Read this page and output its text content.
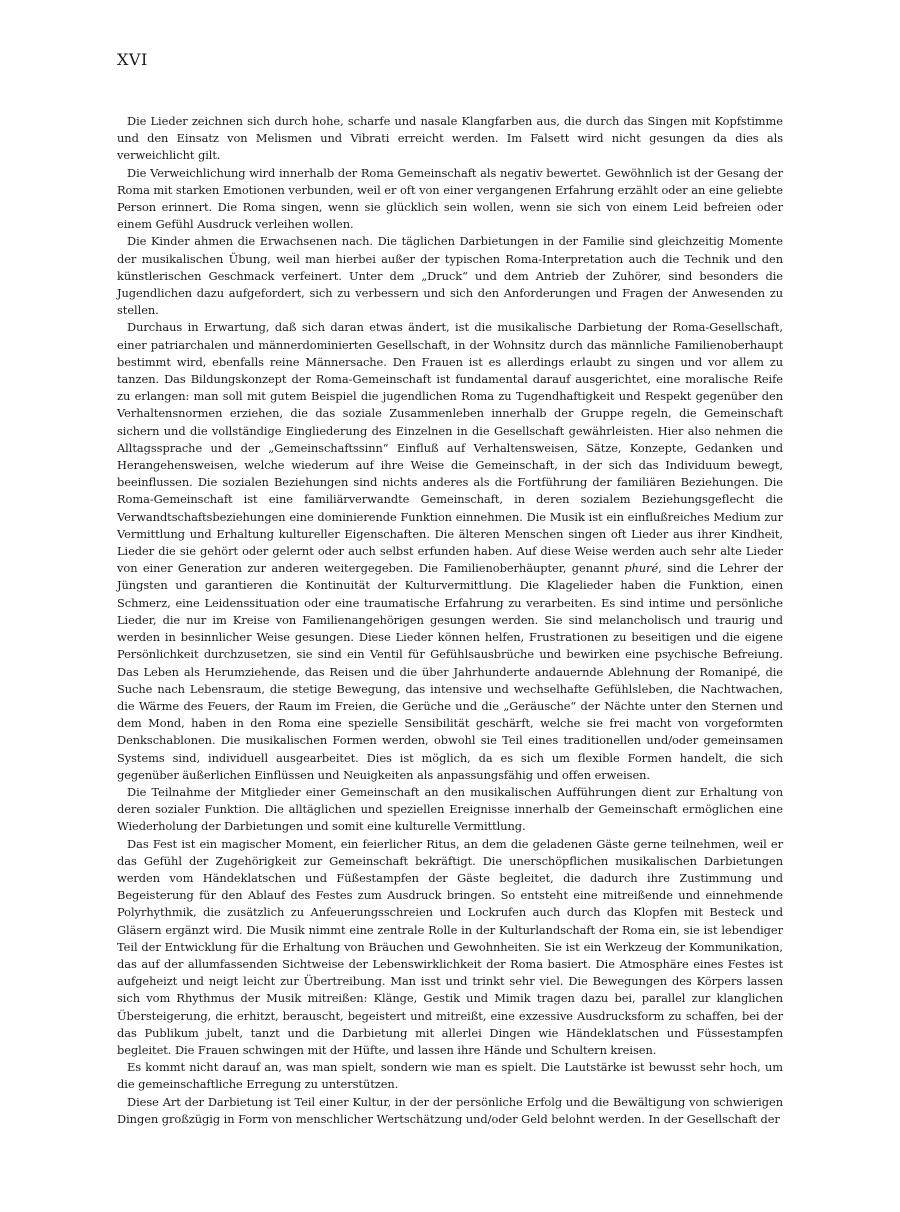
XVI

Die Lieder zeichnen sich durch hohe, scharfe und nasale Klangfarben aus, die durch das Singen mit Kopfstimme und den Einsatz von Melismen und Vibrati erreicht werden. Im Falsett wird nicht gesungen da dies als verweichlicht gilt.

Die Verweichlichung wird innerhalb der Roma Gemeinschaft als negativ bewertet. Gewöhnlich ist der Gesang der Roma mit starken Emotionen verbunden, weil er oft von einer vergangenen Erfahrung erzählt oder an eine geliebte Person erinnert. Die Roma singen, wenn sie glücklich sein wollen, wenn sie sich von einem Leid befreien oder einem Gefühl Ausdruck verleihen wollen.

Die Kinder ahmen die Erwachsenen nach. Die täglichen Darbietungen in der Familie sind gleichzeitig Momente der musikalischen Übung, weil man hierbei außer der typischen Roma-Interpretation auch die Technik und den künstlerischen Geschmack verfeinert. Unter dem „Druck“ und dem Antrieb der Zuhörer, sind besonders die Jugendlichen dazu aufgefordert, sich zu verbessern und sich den Anforderungen und Fragen der Anwesenden zu stellen.

Durchaus in Erwartung, daß sich daran etwas ändert, ist die musikalische Darbietung der Roma-Gesellschaft, einer patriarchalen und männerdominierten Gesellschaft, in der Wohnsitz durch das männliche Familienoberhaupt bestimmt wird, ebenfalls reine Männersache. Den Frauen ist es allerdings erlaubt zu singen und vor allem zu tanzen. Das Bildungskonzept der Roma-Gemeinschaft ist fundamental darauf ausgerichtet, eine moralische Reife zu erlangen: man soll mit gutem Beispiel die jugendlichen Roma zu Tugendhaftigkeit und Respekt gegenüber den Verhaltensnormen erziehen, die das soziale Zusammenleben innerhalb der Gruppe regeln, die Gemeinschaft sichern und die vollständige Eingliederung des Einzelnen in die Gesellschaft gewährleisten. Hier also nehmen die Alltagssprache und der „Gemeinschaftssinn“ Einfluß auf Verhaltensweisen, Sätze, Konzepte, Gedanken und Herangehensweisen, welche wiederum auf ihre Weise die Gemeinschaft, in der sich das Individuum bewegt, beeinflussen. Die sozialen Beziehungen sind nichts anderes als die Fortführung der familiären Beziehungen. Die Roma-Gemeinschaft ist eine familiärverwandte Gemeinschaft, in deren sozialem Beziehungsgeflecht die Verwandtschaftsbeziehungen eine dominierende Funktion einnehmen. Die Musik ist ein einflußreiches Medium zur Vermittlung und Erhaltung kultureller Eigenschaften. Die älteren Menschen singen oft Lieder aus ihrer Kindheit, Lieder die sie gehört oder gelernt oder auch selbst erfunden haben. Auf diese Weise werden auch sehr alte Lieder von einer Generation zur anderen weitergegeben. Die Familienoberhäupter, genannt phuré, sind die Lehrer der Jüngsten und garantieren die Kontinuität der Kulturvermittlung. Die Klagelieder haben die Funktion, einen Schmerz, eine Leidenssituation oder eine traumatische Erfahrung zu verarbeiten. Es sind intime und persönliche Lieder, die nur im Kreise von Familienangehörigen gesungen werden. Sie sind melancholisch und traurig und werden in besinnlicher Weise gesungen. Diese Lieder können helfen, Frustrationen zu beseitigen und die eigene Persönlichkeit durchzusetzen, sie sind ein Ventil für Gefühlsausbrüche und bewirken eine psychische Befreiung. Das Leben als Herumziehende, das Reisen und die über Jahrhunderte andauernde Ablehnung der Romanipé, die Suche nach Lebensraum, die stetige Bewegung, das intensive und wechselhafte Gefühlsleben, die Nachtwachen, die Wärme des Feuers, der Raum im Freien, die Gerüche und die „Geräusche“ der Nächte unter den Sternen und dem Mond, haben in den Roma eine spezielle Sensibilität geschärft, welche sie frei macht von vorgeformten Denkschablonen. Die musikalischen Formen werden, obwohl sie Teil eines traditionellen und/oder gemeinsamen Systems sind, individuell ausgearbeitet. Dies ist möglich, da es sich um flexible Formen handelt, die sich gegenüber äußerlichen Einflüssen und Neuigkeiten als anpassungsfähig und offen erweisen.

Die Teilnahme der Mitglieder einer Gemeinschaft an den musikalischen Aufführungen dient zur Erhaltung von deren sozialer Funktion. Die alltäglichen und speziellen Ereignisse innerhalb der Gemeinschaft ermöglichen eine Wiederholung der Darbietungen und somit eine kulturelle Vermittlung.

Das Fest ist ein magischer Moment, ein feierlicher Ritus, an dem die geladenen Gäste gerne teilnehmen, weil er das Gefühl der Zugehörigkeit zur Gemeinschaft bekräftigt. Die unerschöpflichen musikalischen Darbietungen werden vom Händeklatschen und Füßestampfen der Gäste begleitet, die dadurch ihre Zustimmung und Begeisterung für den Ablauf des Festes zum Ausdruck bringen. So entsteht eine mitreißende und einnehmende Polyrhythmik, die zusätzlich zu Anfeuerungsschreien und Lockrufen auch durch das Klopfen mit Besteck und Gläsern ergänzt wird. Die Musik nimmt eine zentrale Rolle in der Kulturlandschaft der Roma ein, sie ist lebendiger Teil der Entwicklung für die Erhaltung von Bräuchen und Gewohnheiten. Sie ist ein Werkzeug der Kommunikation, das auf der allumfassenden Sichtweise der Lebenswirklichkeit der Roma basiert. Die Atmosphäre eines Festes ist aufgeheizt und neigt leicht zur Übertreibung. Man isst und trinkt sehr viel. Die Bewegungen des Körpers lassen sich vom Rhythmus der Musik mitreißen: Klänge, Gestik und Mimik tragen dazu bei, parallel zur klanglichen Übersteigerung, die erhitzt, berauscht, begeistert und mitreißt, eine exzessive Ausdrucksform zu schaffen, bei der das Publikum jubelt, tanzt und die Darbietung mit allerlei Dingen wie Händeklatschen und Füssestampfen begleitet. Die Frauen schwingen mit der Hüfte, und lassen ihre Hände und Schultern kreisen.

Es kommt nicht darauf an, was man spielt, sondern wie man es spielt. Die Lautstärke ist bewusst sehr hoch, um die gemeinschaftliche Erregung zu unterstützen.

Diese Art der Darbietung ist Teil einer Kultur, in der der persönliche Erfolg und die Bewältigung von schwierigen Dingen großzügig in Form von menschlicher Wertschätzung und/oder Geld belohnt werden. In der Gesellschaft der
